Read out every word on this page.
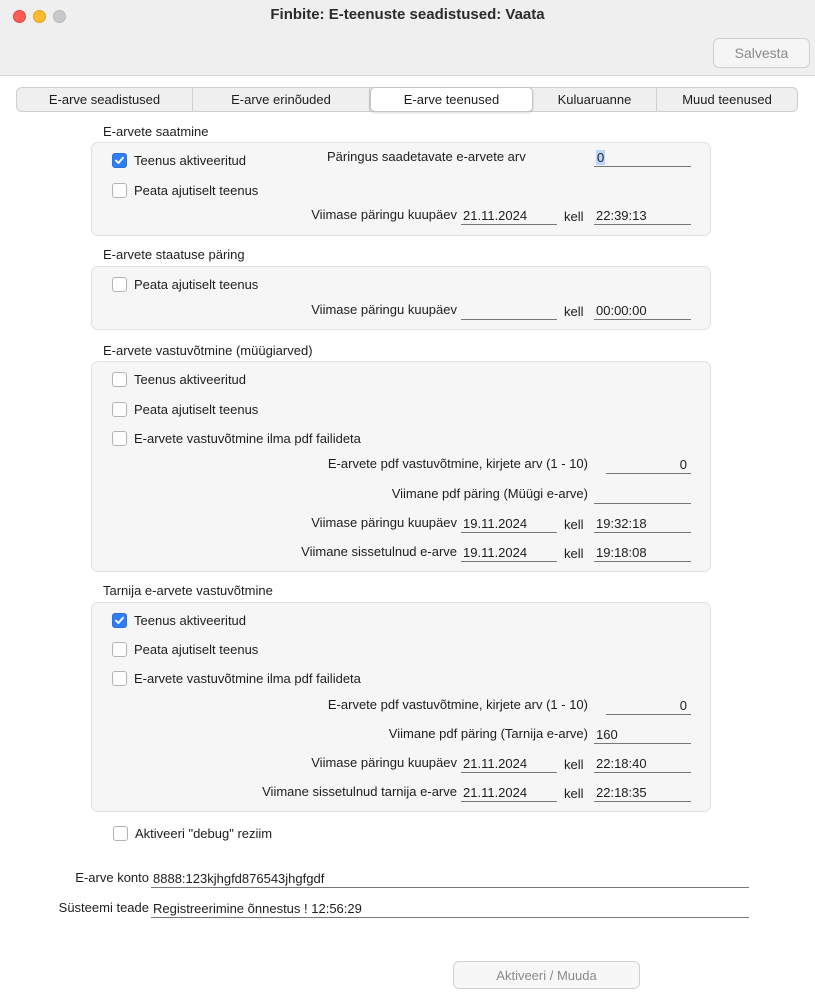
Finbite: E-teenuste seadistused: Vaata
Salvesta
E-arve seadistused	E-arve erinõuded	E-arve teenused	Kuluaruanne	Muud teenused
E-arvete saatmine
Teenus aktiveeritud	Päringus saadetavate e-arvete arv	0
Peata ajutiselt teenus
Viimase päringu kuupäev 21.11.2024	kell 22:39:13
E-arvete staatuse päring
Peata ajutiselt teenus
Viimase päringu kuupäev	kell 00:00:00
E-arvete vastuvõtmine (müügiarved)
Teenus aktiveeritud
Peata ajutiselt teenus
E-arvete vastuvõtmine ilma pdf failideta
E-arvete pdf vastuvõtmine, kirjete arv (1 - 10)	0
Viimane pdf päring (Müügi e-arve)
Viimase päringu kuupäev 19.11.2024	kell 19:32:18
Viimane sissetulnud e-arve 19.11.2024	kell 19:18:08
Tarnija e-arvete vastuvõtmine
Teenus aktiveeritud
Peata ajutiselt teenus
E-arvete vastuvõtmine ilma pdf failideta
E-arvete pdf vastuvõtmine, kirjete arv (1 - 10)	0
Viimane pdf päring (Tarnija e-arve) 160
Viimase päringu kuupäev 21.11.2024	kell 22:18:40
Viimane sissetulnud tarnija e-arve 21.11.2024	kell 22:18:35
Aktiveeri "debug" reziim
E-arve konto 8888:123kjhgfd876543jhgfgdf
Süsteemi teade Registreerimine õnnestus ! 12:56:29
Aktiveeri / Muuda
